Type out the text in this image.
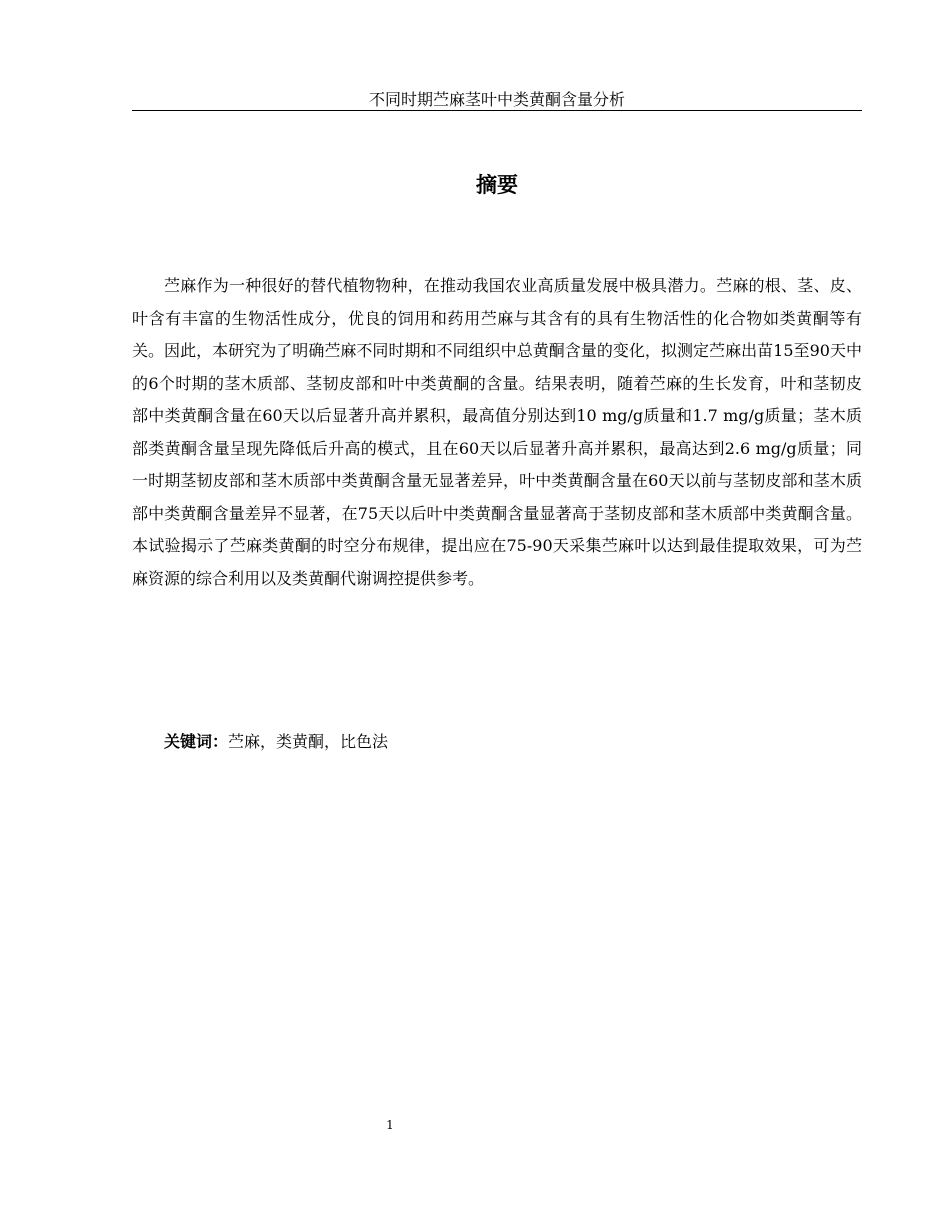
不同时期苎麻茎叶中类黄酮含量分析
摘要

苎麻作为一种很好的替代植物物种，在推动我国农业高质量发展中极具潜力。苎麻的根、茎、皮、叶含有丰富的生物活性成分，优良的饲用和药用苎麻与其含有的具有生物活性的化合物如类黄酮等有关。因此，本研究为了明确苎麻不同时期和不同组织中总黄酮含量的变化，拟测定苎麻出苗15至90天中的6个时期的茎木质部、茎韧皮部和叶中类黄酮的含量。结果表明，随着苎麻的生长发育，叶和茎韧皮部中类黄酮含量在60天以后显著升高并累积，最高值分别达到10 mg/g质量和1.7 mg/g质量；茎木质部类黄酮含量呈现先降低后升高的模式，且在60天以后显著升高并累积，最高达到2.6 mg/g质量；同一时期茎韧皮部和茎木质部中类黄酮含量无显著差异，叶中类黄酮含量在60天以前与茎韧皮部和茎木质部中类黄酮含量差异不显著，在75天以后叶中类黄酮含量显著高于茎韧皮部和茎木质部中类黄酮含量。本试验揭示了苎麻类黄酮的时空分布规律，提出应在75-90天采集苎麻叶以达到最佳提取效果，可为苎麻资源的综合利用以及类黄酮代谢调控提供参考。

关键词：苎麻，类黄酮，比色法

1
